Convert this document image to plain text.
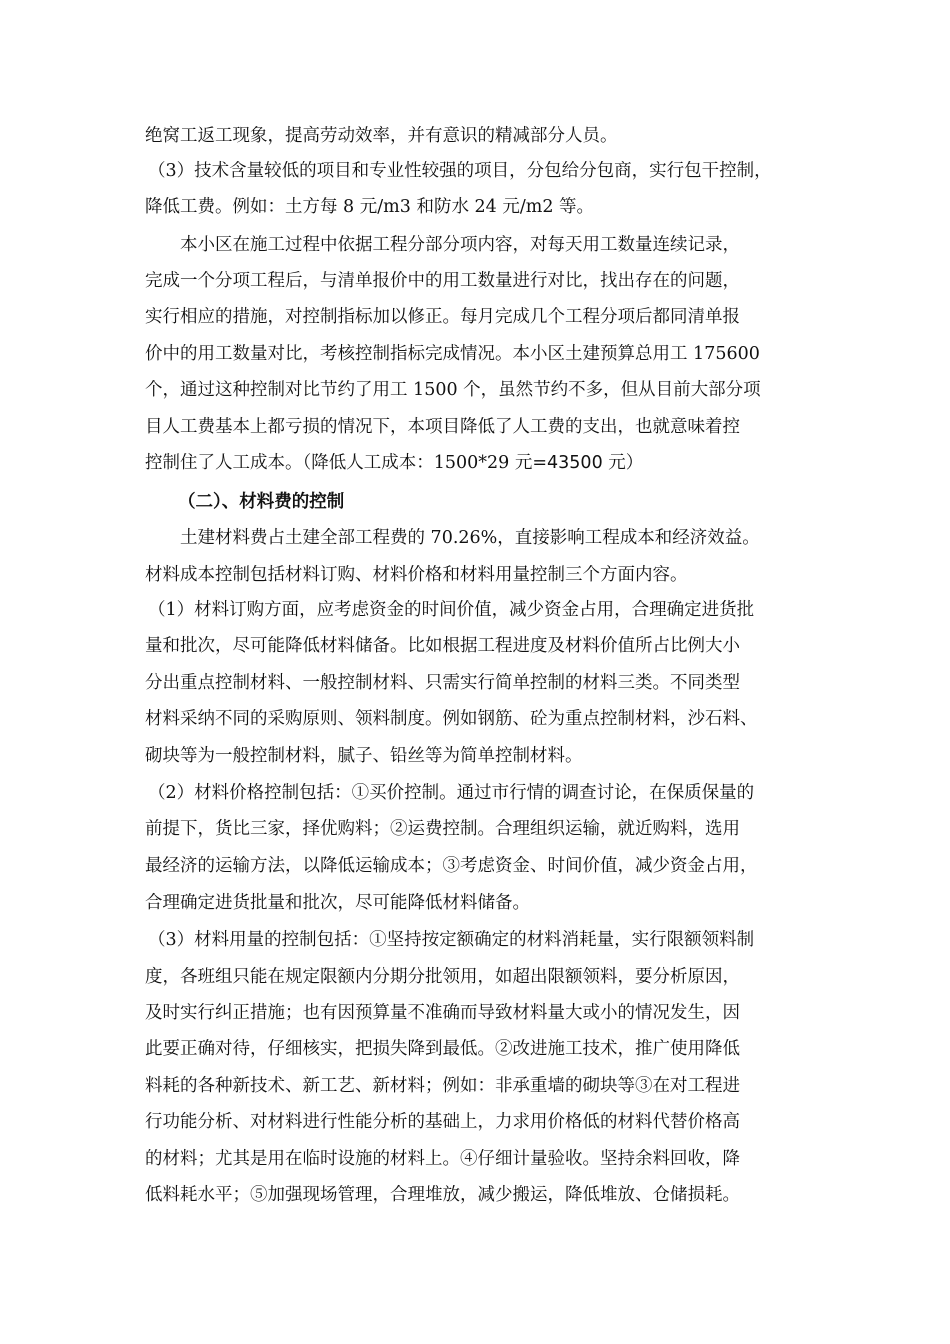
绝窝工返工现象，提高劳动效率，并有意识的精减部分人员。
（3）技术含量较低的项目和专业性较强的项目，分包给分包商，实行包干控制，
降低工费。例如：土方每 8 元/m3 和防水 24 元/m2 等。
本小区在施工过程中依据工程分部分项内容，对每天用工数量连续记录，
完成一个分项工程后，与清单报价中的用工数量进行对比，找出存在的问题，
实行相应的措施，对控制指标加以修正。每月完成几个工程分项后都同清单报
价中的用工数量对比，考核控制指标完成情况。本小区土建预算总用工 175600
个，通过这种控制对比节约了用工 1500 个，虽然节约不多，但从目前大部分项
目人工费基本上都亏损的情况下，本项目降低了人工费的支出，也就意味着控
控制住了人工成本。（降低人工成本：1500*29 元=43500 元）
（二）、材料费的控制
土建材料费占土建全部工程费的 70.26%，直接影响工程成本和经济效益。
材料成本控制包括材料订购、材料价格和材料用量控制三个方面内容。
（1）材料订购方面，应考虑资金的时间价值，减少资金占用，合理确定进货批
量和批次，尽可能降低材料储备。比如根据工程进度及材料价值所占比例大小
分出重点控制材料、一般控制材料、只需实行简单控制的材料三类。不同类型
材料采纳不同的采购原则、领料制度。例如钢筋、砼为重点控制材料，沙石料、
砌块等为一般控制材料，腻子、铅丝等为简单控制材料。
（2）材料价格控制包括：①买价控制。通过市行情的调查讨论，在保质保量的
前提下，货比三家，择优购料；②运费控制。合理组织运输，就近购料，选用
最经济的运输方法，以降低运输成本；③考虑资金、时间价值，减少资金占用，
合理确定进货批量和批次，尽可能降低材料储备。
（3）材料用量的控制包括：①坚持按定额确定的材料消耗量，实行限额领料制
度，各班组只能在规定限额内分期分批领用，如超出限额领料，要分析原因，
及时实行纠正措施；也有因预算量不准确而导致材料量大或小的情况发生，因
此要正确对待，仔细核实，把损失降到最低。②改进施工技术，推广使用降低
料耗的各种新技术、新工艺、新材料；例如：非承重墙的砌块等③在对工程进
行功能分析、对材料进行性能分析的基础上，力求用价格低的材料代替价格高
的材料；尤其是用在临时设施的材料上。④仔细计量验收。坚持余料回收，降
低料耗水平；⑤加强现场管理，合理堆放，减少搬运，降低堆放、仓储损耗。
